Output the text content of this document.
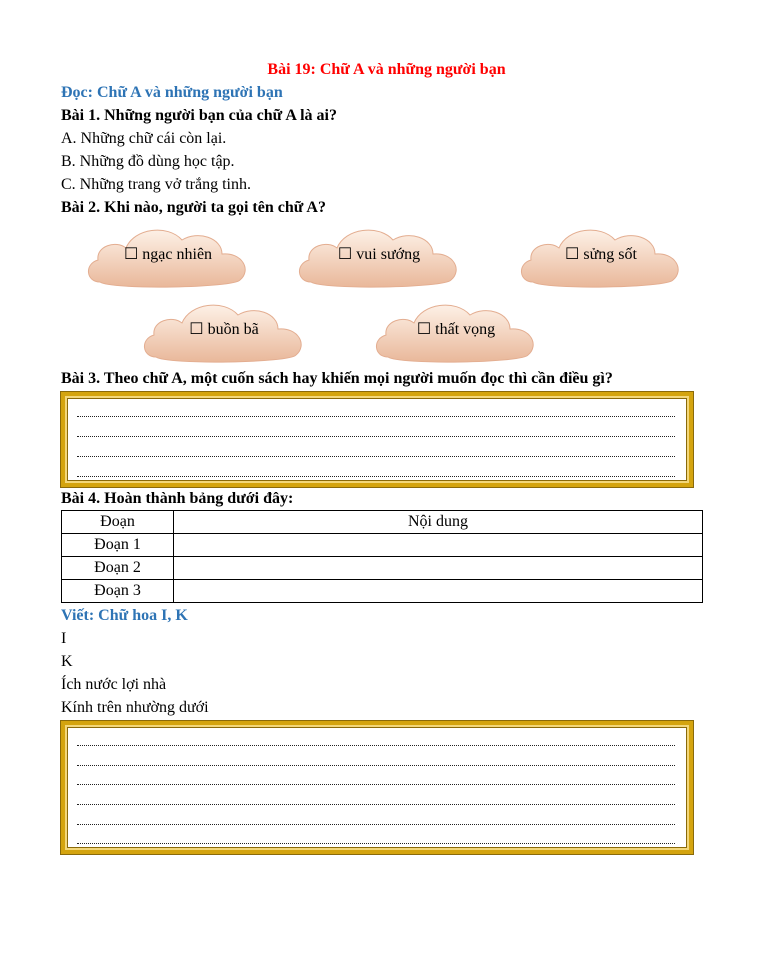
Bài 19: Chữ A và những người bạn
Đọc: Chữ A và những người bạn
Bài 1. Những người bạn của chữ A là ai?
A. Những chữ cái còn lại.
B. Những đồ dùng học tập.
C. Những trang vở trắng tinh.
Bài 2. Khi nào, người ta gọi tên chữ A?
☐ ngạc nhiên	☐ vui sướng	☐ sửng sốt
☐ buồn bã	☐ thất vọng
Bài 3. Theo chữ A, một cuốn sách hay khiến mọi người muốn đọc thì cần điều gì?
Bài 4. Hoàn thành bảng dưới đây:
Đoạn	Nội dung
Đoạn 1	
Đoạn 2	
Đoạn 3	
Viết: Chữ hoa I, K
I
K
Ích nước lợi nhà
Kính trên nhường dưới
